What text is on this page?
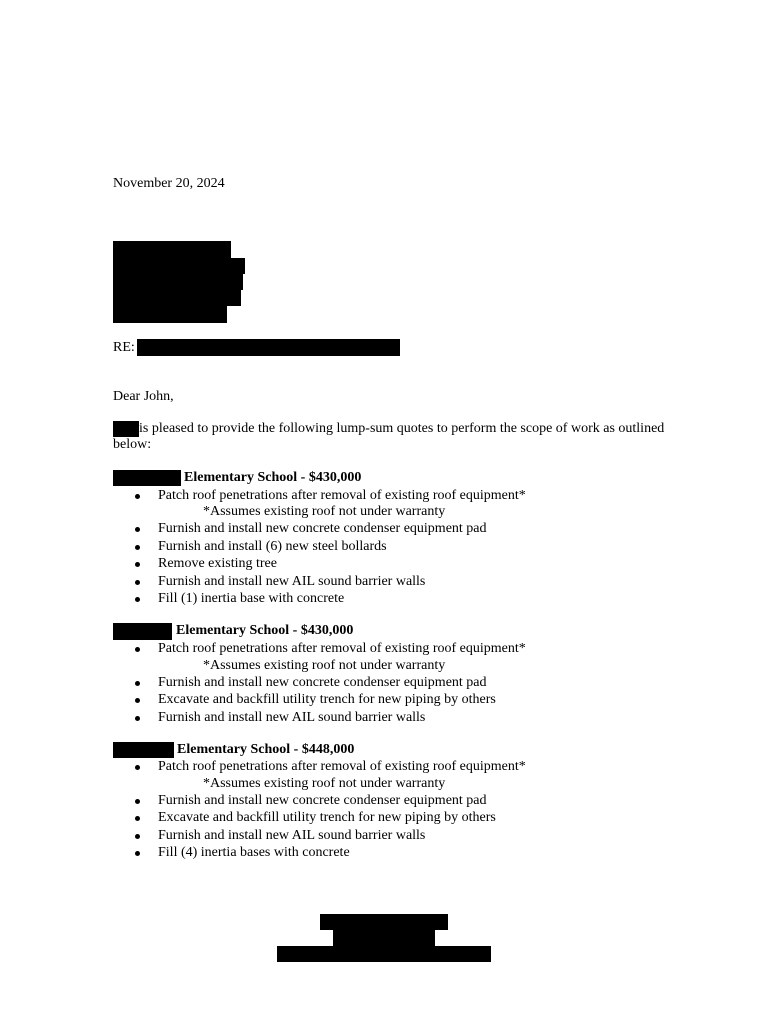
November 20, 2024
RE:
Dear John,
is pleased to provide the following lump-sum quotes to perform the scope of work as outlined
below:
Elementary School - $430,000
Patch roof penetrations after removal of existing roof equipment*
*Assumes existing roof not under warranty
Furnish and install new concrete condenser equipment pad
Furnish and install (6) new steel bollards
Remove existing tree
Furnish and install new AIL sound barrier walls
Fill (1) inertia base with concrete
Elementary School - $430,000
Patch roof penetrations after removal of existing roof equipment*
*Assumes existing roof not under warranty
Furnish and install new concrete condenser equipment pad
Excavate and backfill utility trench for new piping by others
Furnish and install new AIL sound barrier walls
Elementary School - $448,000
Patch roof penetrations after removal of existing roof equipment*
*Assumes existing roof not under warranty
Furnish and install new concrete condenser equipment pad
Excavate and backfill utility trench for new piping by others
Furnish and install new AIL sound barrier walls
Fill (4) inertia bases with concrete
